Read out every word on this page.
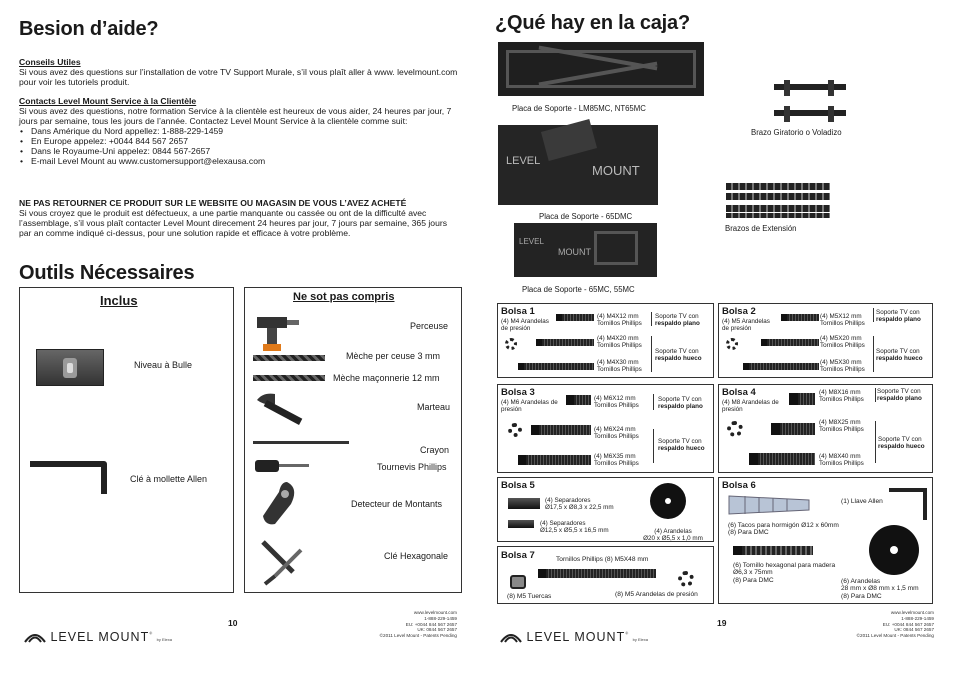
Besion d’aide?
Conseils Utiles
Si vous avez des questions sur l’installation de votre TV Support Murale, s’il vous plaît aller à www. levelmount.com pour voir les tutoriels produit.
Contacts Level Mount Service à la Clientèle
Si vous avez des questions, notre formation Service à la clientèle est heureux de vous aider, 24 heures par jour, 7 jours par semaine, tous les jours de l’année. Contactez Level Mount Service à la clientèle comme suit:
• Dans Amérique du Nord appellez: 1-888-229-1459
• En Europe appelez: +0044 844 567 2657
• Dans le Royaume-Uni appelez: 0844 567-2657
• E-mail Level Mount au www.customersupport@elexausa.com
NE PAS RETOURNER CE PRODUIT SUR LE WEBSITE OU MAGASIN DE VOUS L’AVEZ ACHETÉ
Si vous croyez que le produit est défectueux, a une partie manquante ou cassée ou ont de la difficulté avec l’assemblage, s’il vous plaît contacter Level Mount direcement 24 heures par jour, 7 jours par semaine, 365 jours par an comme indiqué ci-dessus, pour une solution rapide et efficace à votre problème.
Outils Nécessaires
Inclus
Niveau à Bulle
Clé à mollette Allen
Ne sot pas compris
Perceuse
Mèche per ceuse 3 mm
Mèche maçonnerie 12 mm
Marteau
Crayon
Tournevis Phillips
Detecteur de Montants
Clé Hexagonale
10
LEVEL MOUNT® by Elexa
www.levelmount.com
1-888-229-1459
EU: +0044 844 567 2657
UK: 0844 567 2657
©2011 Level Mount - Patents Pending
¿Qué hay en la caja?
Placa de Soporte - LM85MC, NT65MC
Brazo Giratorio o Voladizo
LEVEL
MOUNT
Placa de Soporte - 65DMC
Brazos de Extensión
LEVEL
MOUNT
Placa de Soporte - 65MC, 55MC
Bolsa 1
(4) M4 Arandelas de presión
(4) M4X12 mm
Tornillos Phillips
(4) M4X20 mm
Tornillos Phillips
(4) M4X30 mm
Tornillos Phillips
Soporte TV con
respaldo plano
Soporte TV con
respaldo hueco
Bolsa 2
(4) M5 Arandelas de presión
(4) M5X12 mm
Tornillos Phillips
(4) M5X20 mm
Tornillos Phillips
(4) M5X30 mm
Tornillos Phillips
Soporte TV con
respaldo plano
Soporte TV con
respaldo hueco
Bolsa 3
(4) M6 Arandelas de presión
(4) M6X12 mm
Tornillos Phillips
(4) M6X24 mm
Tornillos Phillips
(4) M6X35 mm
Tornillos Phillips
Soporte TV con
respaldo plano
Soporte TV con
respaldo hueco
Bolsa 4
(4) M8 Arandelas de presión
(4) M8X16 mm
Tornillos Phillips
(4) M8X25 mm
Tornillos Phillips
(4) M8X40 mm
Tornillos Phillips
Soporte TV con
respaldo plano
Soporte TV con
respaldo hueco
Bolsa 5
(4) Separadores
Ø17,5 x Ø8,3 x 22,5 mm
(4) Separadores
Ø12,5 x Ø5,5 x 16,5 mm	(4) Arandelas
Ø20 x Ø5,5 x 1,0 mm
Bolsa 7	Tornillos Phillips (8) M5X48 mm
(8) M5 Tuercas	(8) M5 Arandelas de presión
Bolsa 6
(1) Llave Allen
(6) Tacos para hormigón Ø12 x 60mm
(8) Para DMC
(6) Tornillo hexagonal para madera
Ø6,3 x 75mm
(8) Para DMC	(6) Arandelas
28 mm x Ø8 mm x 1,5 mm
(8) Para DMC
19
LEVEL MOUNT® by Elexa
www.levelmount.com
1-888-229-1459
EU: +0044 844 567 2657
UK: 0844 567 2657
©2011 Level Mount - Patents Pending
